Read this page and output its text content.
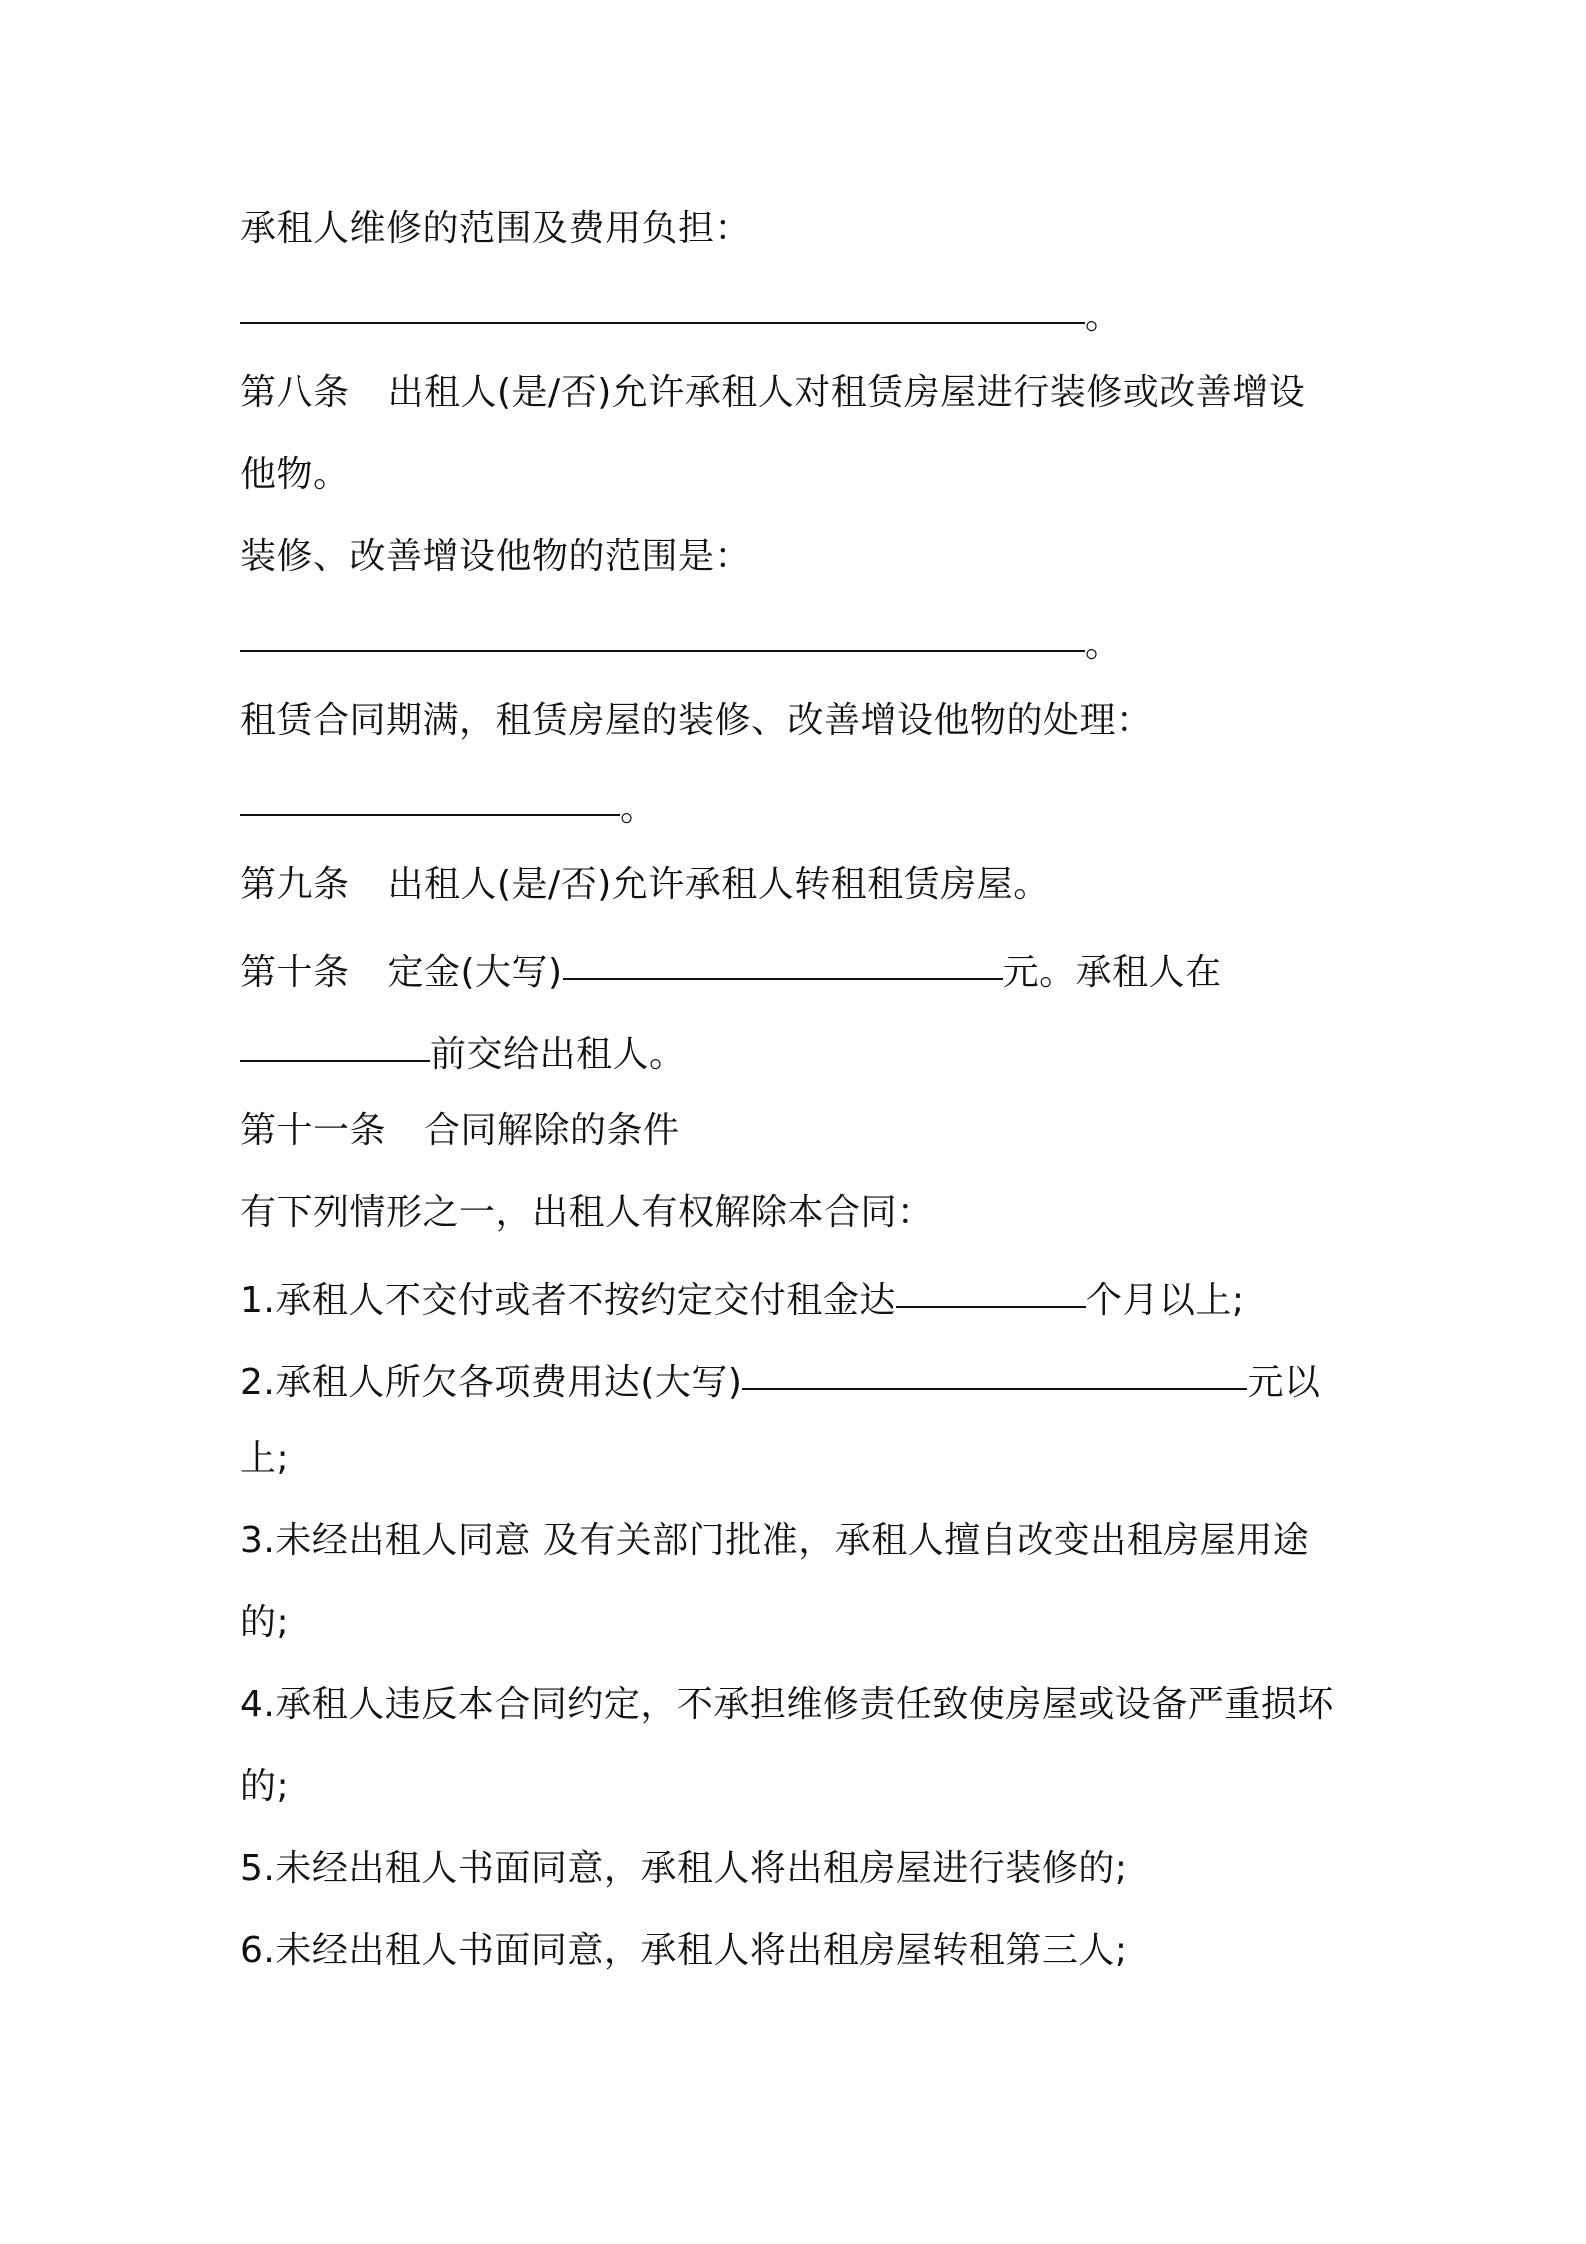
承租人维修的范围及费用负担：
。
第八条 出租人(是/否)允许承租人对租赁房屋进行装修或改善增设
他物。
装修、改善增设他物的范围是：
。
租赁合同期满，租赁房屋的装修、改善增设他物的处理：
。
第九条 出租人(是/否)允许承租人转租租赁房屋。
第十条 定金(大写)	元。承租人在
前交给出租人。
第十一条 合同解除的条件
有下列情形之一，出租人有权解除本合同：
1.承租人不交付或者不按约定交付租金达	个月以上;
2.承租人所欠各项费用达(大写)	元以
上;
3.未经出租人同意 及有关部门批准，承租人擅自改变出租房屋用途
的;
4.承租人违反本合同约定，不承担维修责任致使房屋或设备严重损坏
的;
5.未经出租人书面同意，承租人将出租房屋进行装修的;
6.未经出租人书面同意，承租人将出租房屋转租第三人;
